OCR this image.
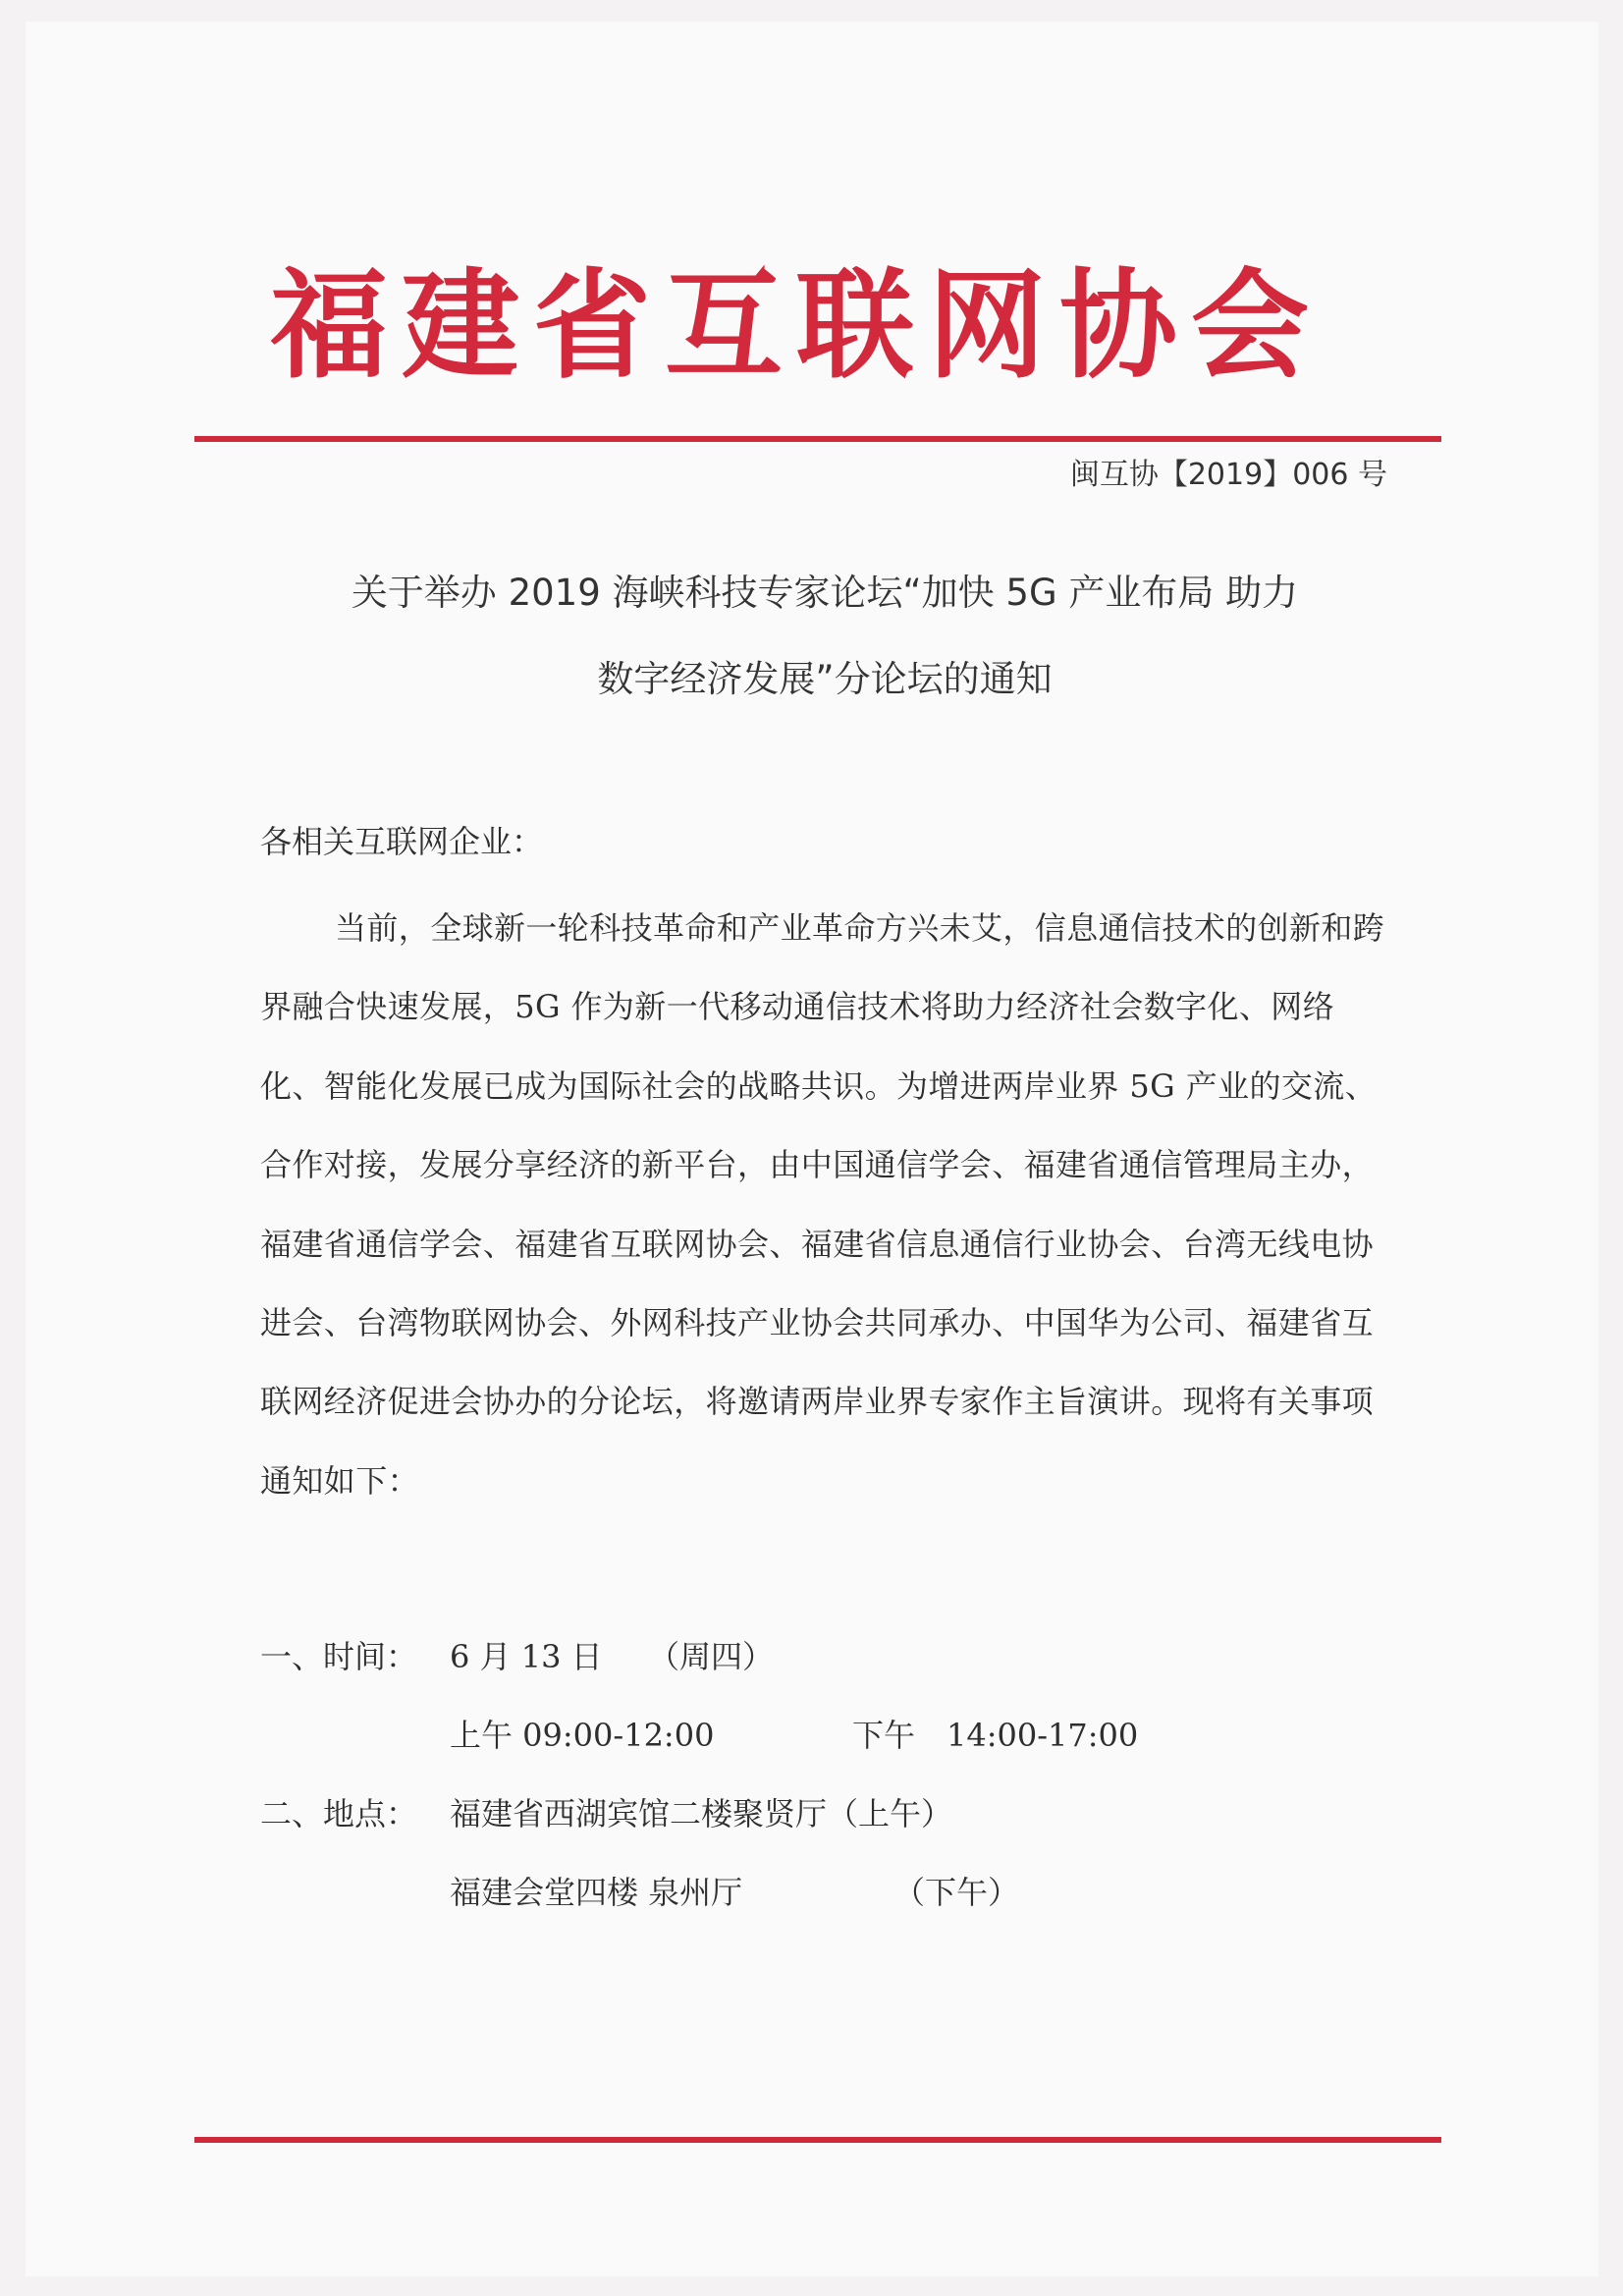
福建省互联网协会
闽互协【2019】006 号
关于举办 2019 海峡科技专家论坛“加快 5G 产业布局 助力
数字经济发展”分论坛的通知
各相关互联网企业：
当前，全球新一轮科技革命和产业革命方兴未艾，信息通信技术的创新和跨界融合快速发展，5G 作为新一代移动通信技术将助力经济社会数字化、网络化、智能化发展已成为国际社会的战略共识。为增进两岸业界 5G 产业的交流、合作对接，发展分享经济的新平台，由中国通信学会、福建省通信管理局主办，福建省通信学会、福建省互联网协会、福建省信息通信行业协会、台湾无线电协进会、台湾物联网协会、外网科技产业协会共同承办、中国华为公司、福建省互联网经济促进会协办的分论坛，将邀请两岸业界专家作主旨演讲。现将有关事项通知如下：
一、时间： 6 月 13 日 （周四）
上午 09:00-12:00	下午　14:00-17:00
二、地点： 福建省西湖宾馆二楼聚贤厅（上午）
福建会堂四楼 泉州厅	（下午）
